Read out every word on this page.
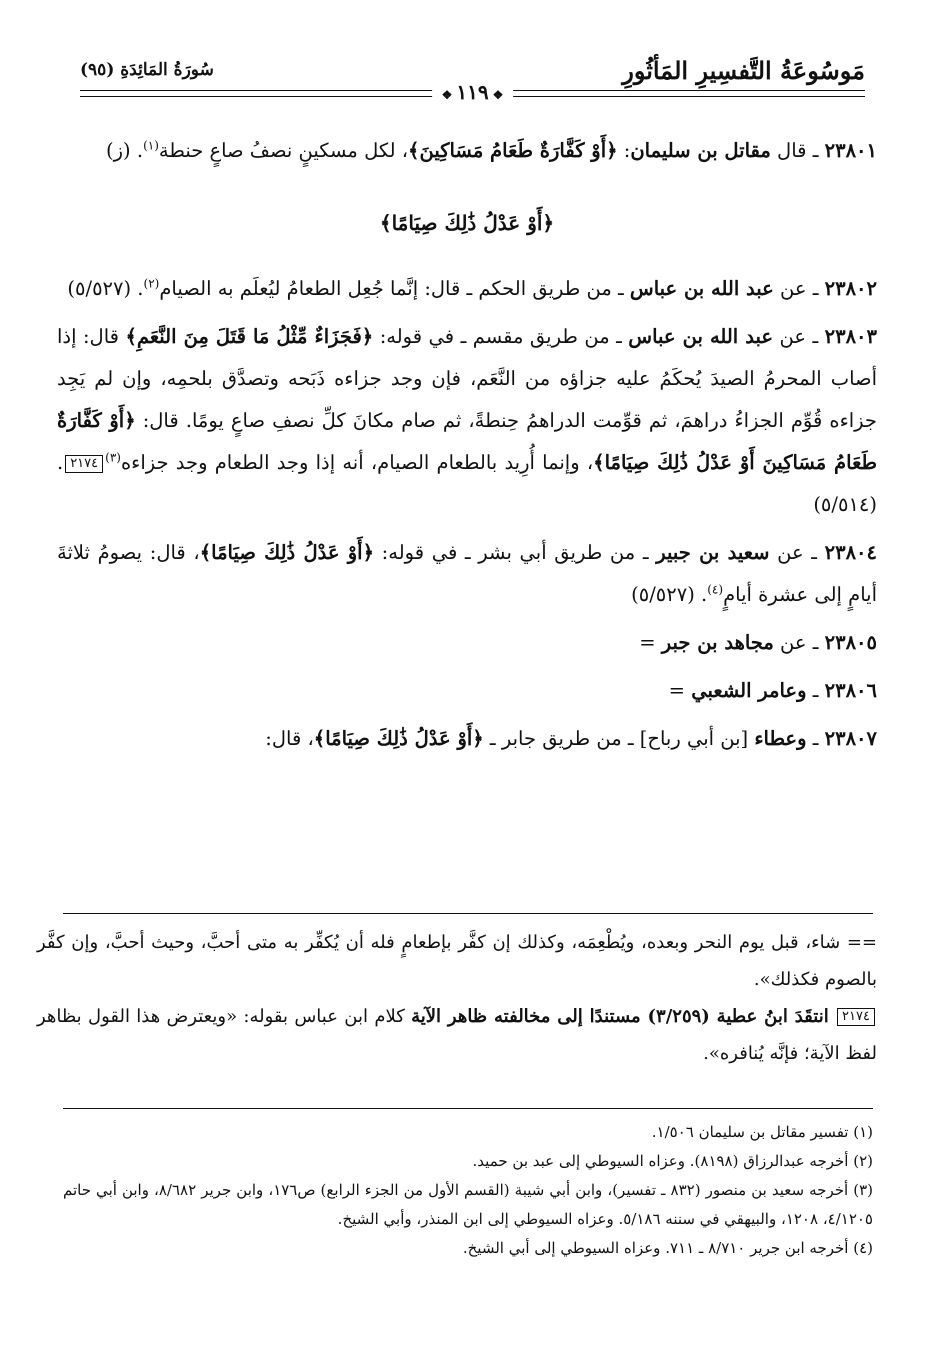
مَوسُوعَةُ التَّفسِيرِ المَأثُورِ
سُورَةُ المَائِدَةِ (٩٥)
❖١١٩❖

٢٣٨٠١ ـ قال مقاتل بن سليمان: ﴿أَوْ كَفَّارَةٌ طَعَامُ مَسَاكِينَ﴾، لكل مسكينٍ نصفُ صاعٍ حنطة$^{(١)}$. (ز)

﴿أَوْ عَدْلُ ذَٰلِكَ صِيَامًا﴾

٢٣٨٠٢ ـ عن عبد الله بن عباس ـ من طريق الحكم ـ قال: إنَّما جُعِل الطعامُ ليُعلَم به الصيام$^{(٢)}$. (٥/٥٢٧)

٢٣٨٠٣ ـ عن عبد الله بن عباس ـ من طريق مقسم ـ في قوله: ﴿فَجَزَاءٌ مِّثْلُ مَا قَتَلَ مِنَ النَّعَمِ﴾ قال: إذا أصاب المحرمُ الصيدَ يُحكَمُ عليه جزاؤه من النَّعَم، فإن وجد جزاءه ذَبَحه وتصدَّق بلحمِه، وإن لم يَجِد جزاءه قُوِّم الجزاءُ دراهمَ، ثم قوِّمت الدراهمُ حِنطةً، ثم صام مكانَ كلِّ نصفِ صاعٍ يومًا. قال: ﴿أَوْ كَفَّارَةٌ طَعَامُ مَسَاكِينَ أَوْ عَدْلُ ذَٰلِكَ صِيَامًا﴾، وإنما أُرِيد بالطعام الصيام، أنه إذا وجد الطعام وجد جزاءه$^{(٣)}$٢١٧٤. (٥/٥١٤)

٢٣٨٠٤ ـ عن سعيد بن جبير ـ من طريق أبي بشر ـ في قوله: ﴿أَوْ عَدْلُ ذَٰلِكَ صِيَامًا﴾، قال: يصومُ ثلاثةَ أيامٍ إلى عشرة أيامٍ$^{(٤)}$. (٥/٥٢٧)

٢٣٨٠٥ ـ عن مجاهد بن جبر =

٢٣٨٠٦ ـ وعامر الشعبي =

٢٣٨٠٧ ـ وعطاء [بن أبي رباح] ـ من طريق جابر ـ ﴿أَوْ عَدْلُ ذَٰلِكَ صِيَامًا﴾، قال:

== شاء، قبل يوم النحر وبعده، ويُطْعِمَه، وكذلك إن كفَّر بإطعامٍ فله أن يُكفِّر به متى أحبَّ، وحيث أحبَّ، وإن كفَّر بالصوم فكذلك».

٢١٧٤ انتقَدَ ابنُ عطية (٣/٢٥٩) مستندًا إلى مخالفته ظاهر الآية كلام ابن عباس بقوله: «ويعترض هذا القول بظاهر لفظ الآية؛ فإنَّه يُنافره».

(١) تفسير مقاتل بن سليمان ١/٥٠٦.

(٢) أخرجه عبدالرزاق (٨١٩٨). وعزاه السيوطي إلى عبد بن حميد.

(٣) أخرجه سعيد بن منصور (٨٣٢ ـ تفسير)، وابن أبي شيبة (القسم الأول من الجزء الرابع) ص١٧٦، وابن جرير ٨/٦٨٢، وابن أبي حاتم ٤/١٢٠٥، ١٢٠٨، والبيهقي في سننه ٥/١٨٦. وعزاه السيوطي إلى ابن المنذر، وأبي الشيخ.

(٤) أخرجه ابن جرير ٨/٧١٠ ـ ٧١١. وعزاه السيوطي إلى أبي الشيخ.
